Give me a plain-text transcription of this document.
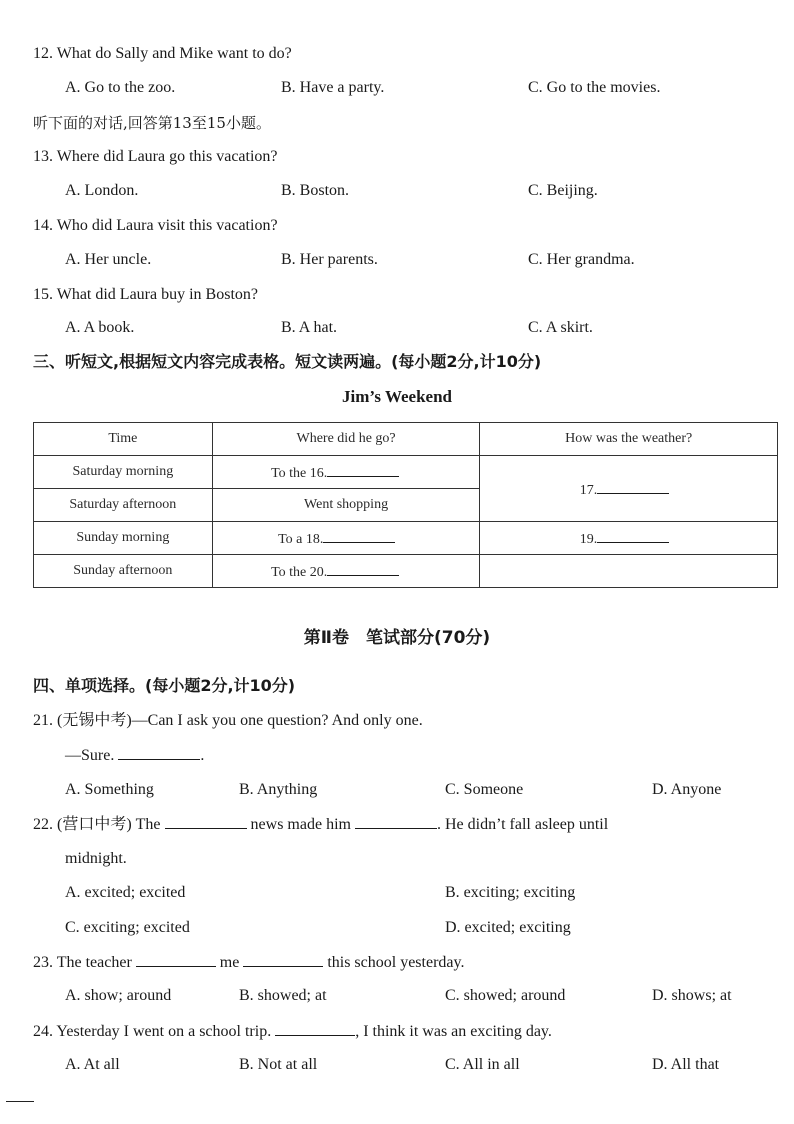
12. What do Sally and Mike want to do?
A. Go to the zoo.	B. Have a party.	C. Go to the movies.
听下面的对话,回答第13至15小题。
13. Where did Laura go this vacation?
A. London.	B. Boston.	C. Beijing.
14. Who did Laura visit this vacation?
A. Her uncle.	B. Her parents.	C. Her grandma.
15. What did Laura buy in Boston?
A. A book.	B. A hat.	C. A skirt.
三、听短文,根据短文内容完成表格。短文读两遍。(每小题2分,计10分)
Jim’s Weekend
Time	Where did he go?	How was the weather?
Saturday morning	To the 16.	17.
Saturday afternoon	Went shopping	
Sunday morning	To a 18.	19.
Sunday afternoon	To the 20.	
第Ⅱ卷　笔试部分(70分)
四、单项选择。(每小题2分,计10分)
21. (无锡中考)—Can I ask you one question? And only one.
—Sure.	.
A. Something	B. Anything	C. Someone	D. Anyone
22. (营口中考) The	news made him	. He didn’t fall asleep until
midnight.
A. excited; excited	B. exciting; exciting
C. exciting; excited	D. excited; exciting
23. The teacher	me	this school yesterday.
A. show; around	B. showed; at	C. showed; around	D. shows; at
24. Yesterday I went on a school trip.	, I think it was an exciting day.
A. At all	B. Not at all	C. All in all	D. All that
